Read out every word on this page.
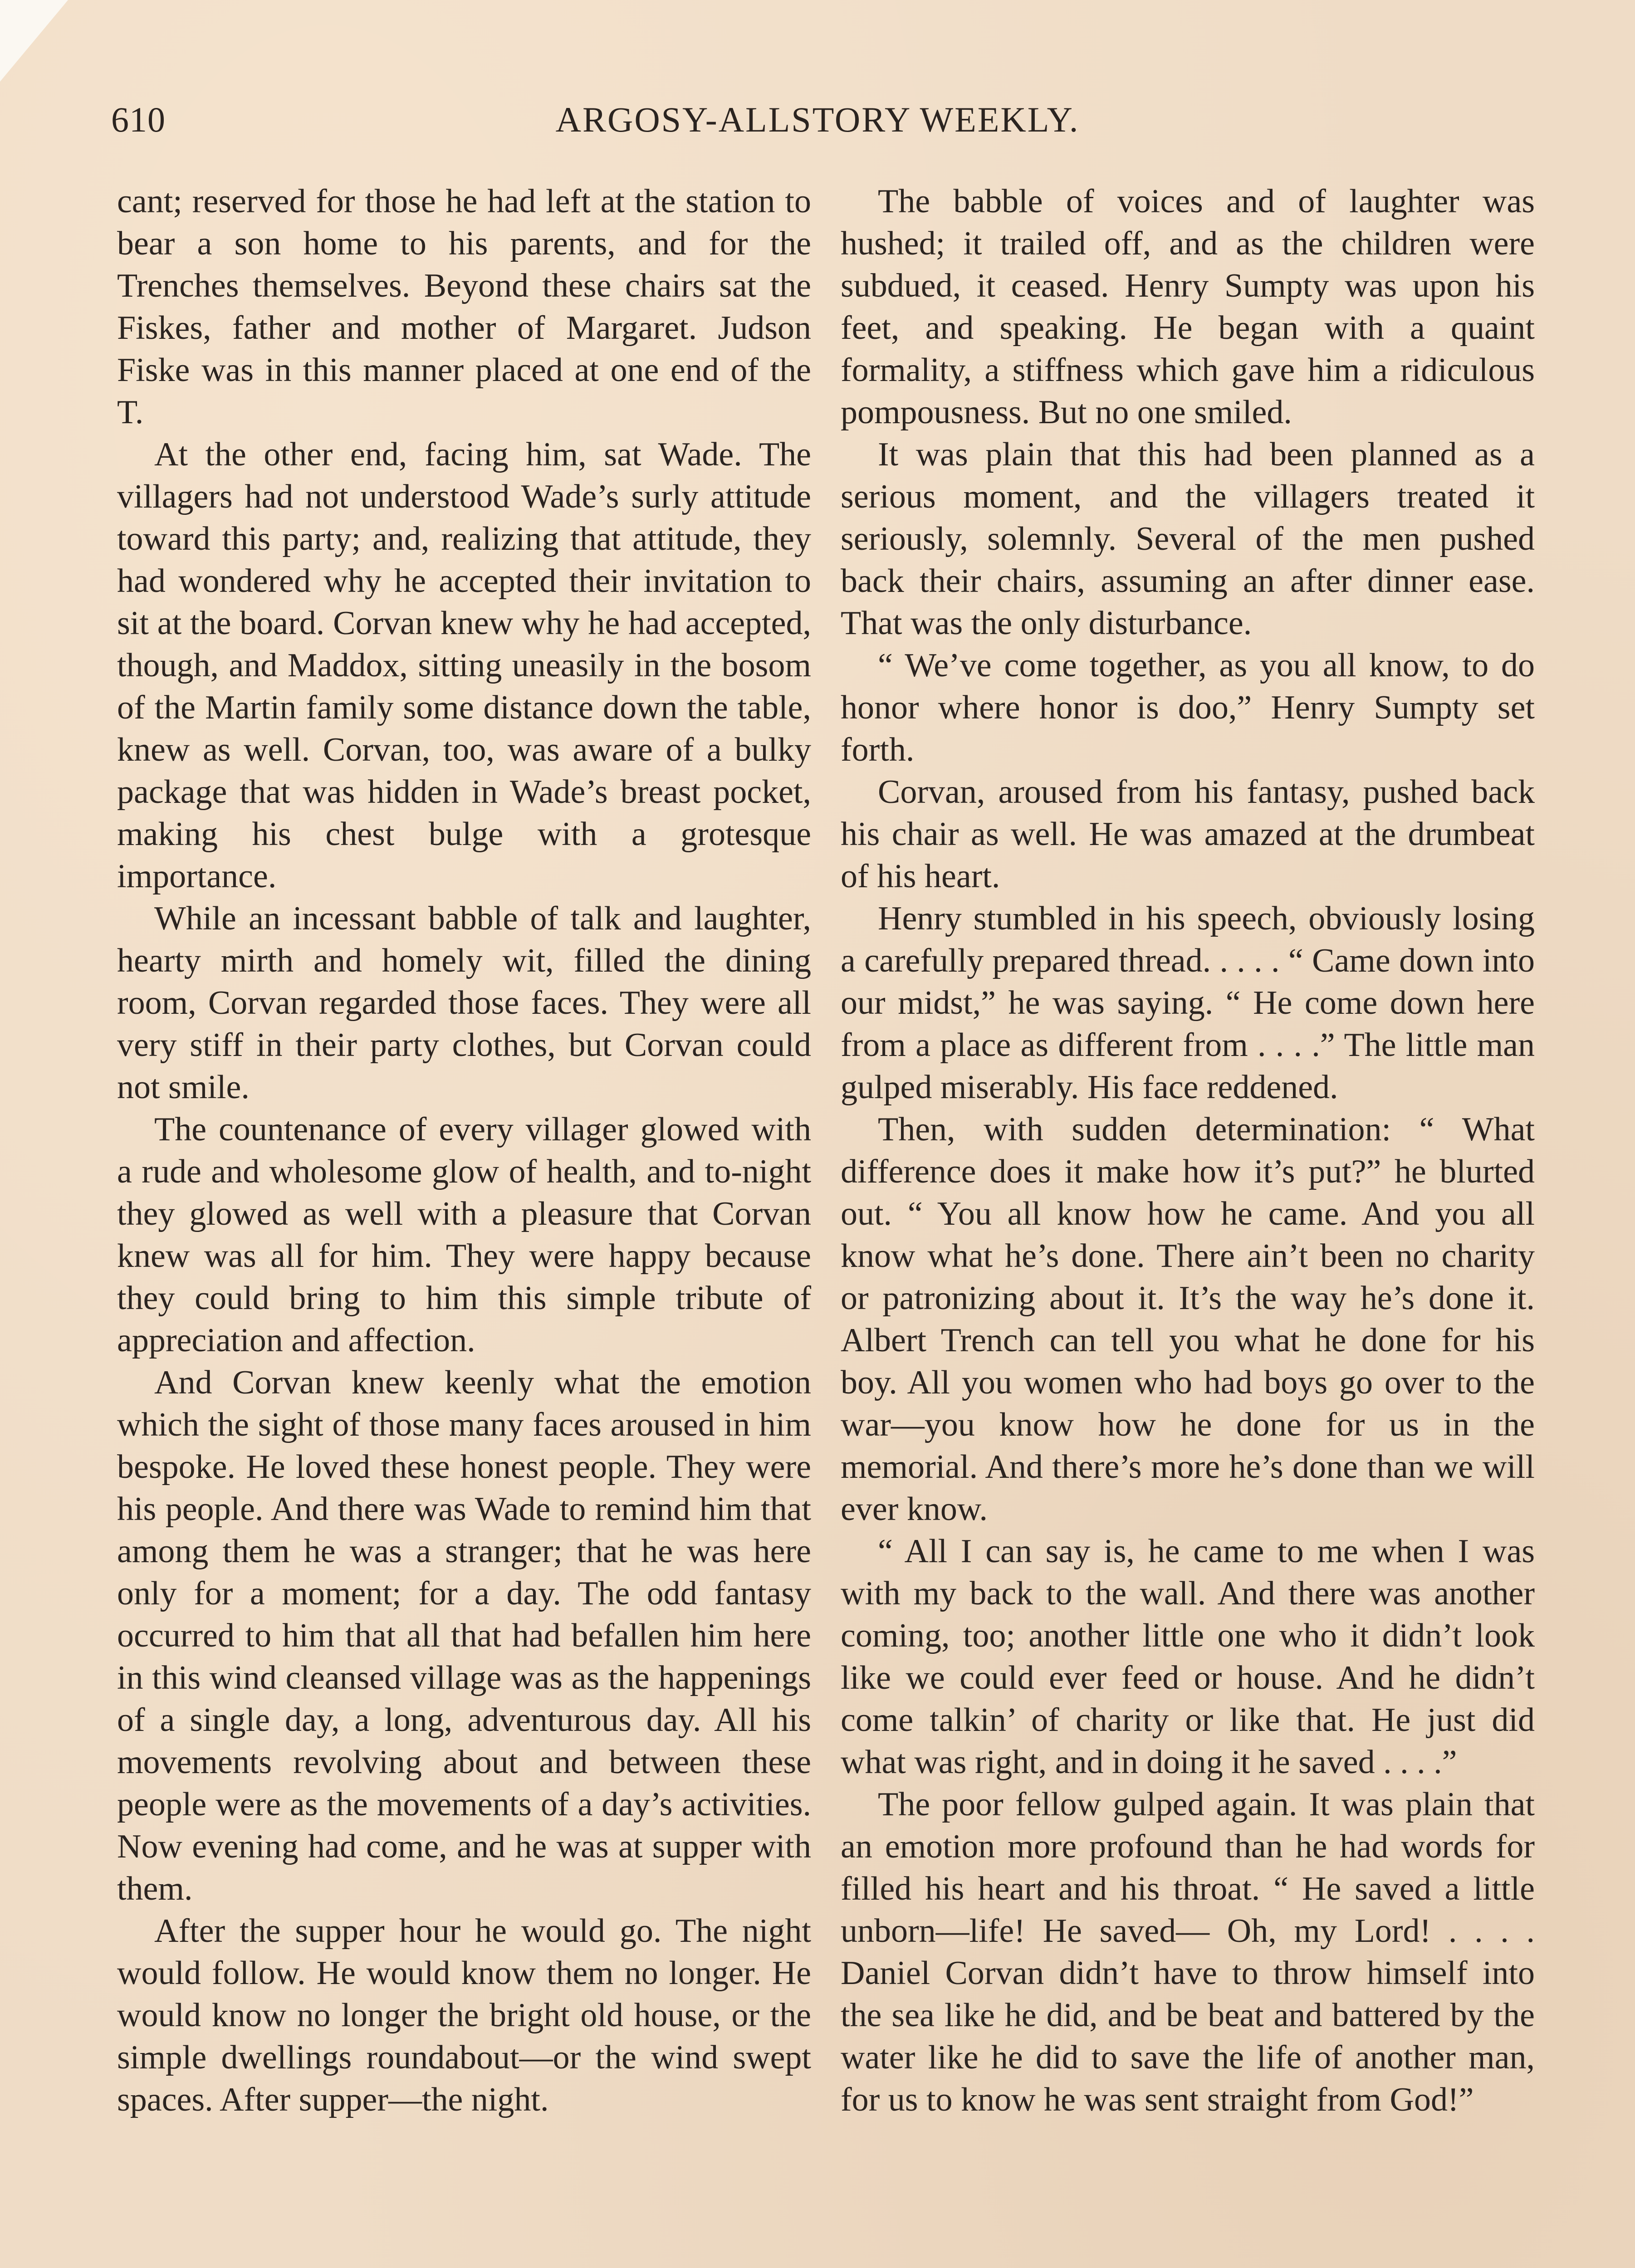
610	ARGOSY-ALLSTORY WEEKLY.

cant; reserved for those he had left at the station to bear a son home to his parents, and for the Trenches themselves. Beyond these chairs sat the Fiskes, father and mother of Margaret. Judson Fiske was in this manner placed at one end of the T.

At the other end, facing him, sat Wade. The villagers had not understood Wade’s surly attitude toward this party; and, realizing that attitude, they had wondered why he accepted their invitation to sit at the board. Corvan knew why he had accepted, though, and Maddox, sitting uneasily in the bosom of the Martin family some distance down the table, knew as well. Corvan, too, was aware of a bulky package that was hidden in Wade’s breast pocket, making his chest bulge with a grotesque importance.

While an incessant babble of talk and laughter, hearty mirth and homely wit, filled the dining room, Corvan regarded those faces. They were all very stiff in their party clothes, but Corvan could not smile.

The countenance of every villager glowed with a rude and wholesome glow of health, and to-night they glowed as well with a pleasure that Corvan knew was all for him. They were happy because they could bring to him this simple tribute of appreciation and affection.

And Corvan knew keenly what the emotion which the sight of those many faces aroused in him bespoke. He loved these honest people. They were his people. And there was Wade to remind him that among them he was a stranger; that he was here only for a moment; for a day. The odd fantasy occurred to him that all that had befallen him here in this wind cleansed village was as the happenings of a single day, a long, adventurous day. All his movements revolving about and between these people were as the movements of a day’s activities. Now evening had come, and he was at supper with them.

After the supper hour he would go. The night would follow. He would know them no longer. He would know no longer the bright old house, or the simple dwellings roundabout—or the wind swept spaces. After supper—the night.

The babble of voices and of laughter was hushed; it trailed off, and as the children were subdued, it ceased. Henry Sumpty was upon his feet, and speaking. He began with a quaint formality, a stiffness which gave him a ridiculous pompousness. But no one smiled.

It was plain that this had been planned as a serious moment, and the villagers treated it seriously, solemnly. Several of the men pushed back their chairs, assuming an after dinner ease. That was the only disturbance.

“ We’ve come together, as you all know, to do honor where honor is doo,” Henry Sumpty set forth.

Corvan, aroused from his fantasy, pushed back his chair as well. He was amazed at the drumbeat of his heart.

Henry stumbled in his speech, obviously losing a carefully prepared thread. . . . . “ Came down into our midst,” he was saying. “ He come down here from a place as different from . . . .” The little man gulped miserably. His face reddened.

Then, with sudden determination: “ What difference does it make how it’s put?” he blurted out. “ You all know how he came. And you all know what he’s done. There ain’t been no charity or patronizing about it. It’s the way he’s done it. Albert Trench can tell you what he done for his boy. All you women who had boys go over to the war—you know how he done for us in the memorial. And there’s more he’s done than we will ever know.

“ All I can say is, he came to me when I was with my back to the wall. And there was another coming, too; another little one who it didn’t look like we could ever feed or house. And he didn’t come talkin’ of charity or like that. He just did what was right, and in doing it he saved . . . .”

The poor fellow gulped again. It was plain that an emotion more profound than he had words for filled his heart and his throat. “ He saved a little unborn—life! He saved— Oh, my Lord! . . . . Daniel Corvan didn’t have to throw himself into the sea like he did, and be beat and battered by the water like he did to save the life of another man, for us to know he was sent straight from God!”
